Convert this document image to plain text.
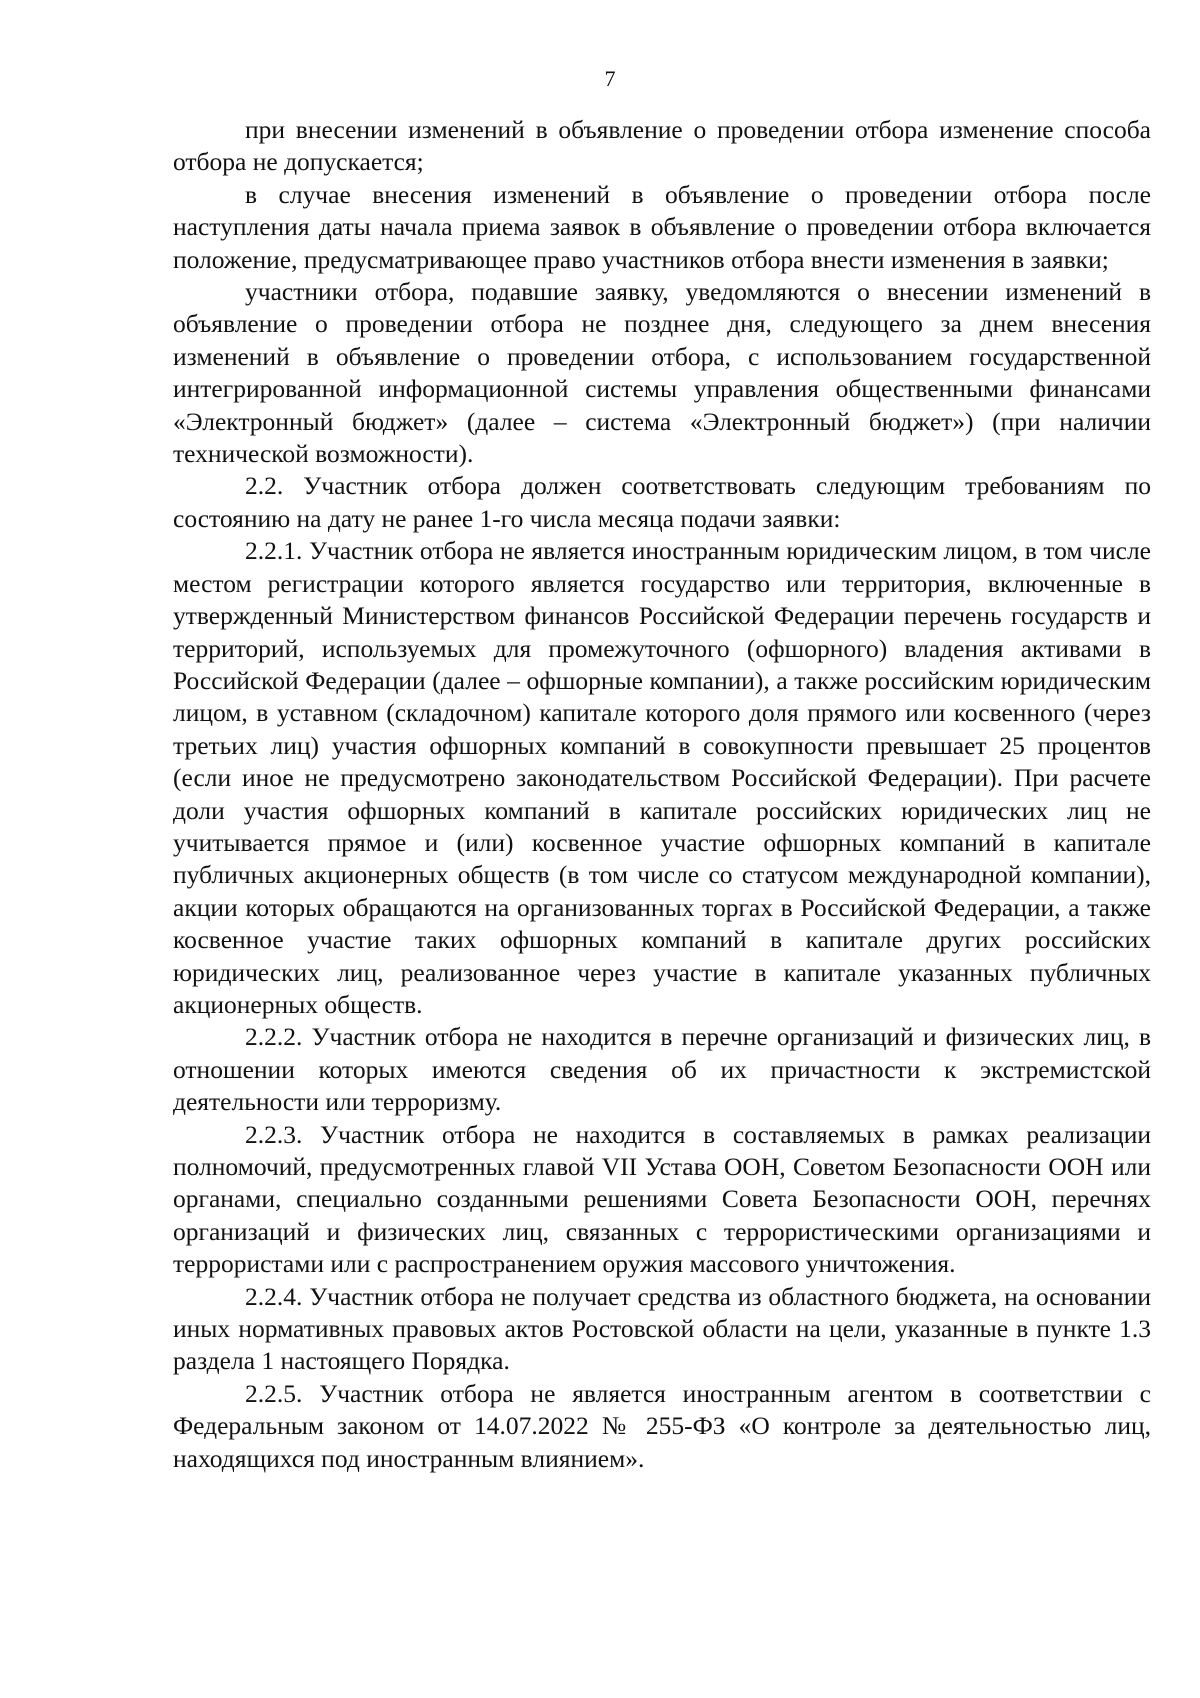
7

при внесении изменений в объявление о проведении отбора изменение способа отбора не допускается;

в случае внесения изменений в объявление о проведении отбора после наступления даты начала приема заявок в объявление о проведении отбора включается положение, предусматривающее право участников отбора внести изменения в заявки;

участники отбора, подавшие заявку, уведомляются о внесении изменений в объявление о проведении отбора не позднее дня, следующего за днем внесения изменений в объявление о проведении отбора, с использованием государственной интегрированной информационной системы управления общественными финансами «Электронный бюджет» (далее – система «Электронный бюджет») (при наличии технической возможности).

2.2. Участник отбора должен соответствовать следующим требованиям по состоянию на дату не ранее 1-го числа месяца подачи заявки:

2.2.1. Участник отбора не является иностранным юридическим лицом, в том числе местом регистрации которого является государство или территория, включенные в утвержденный Министерством финансов Российской Федерации перечень государств и территорий, используемых для промежуточного (офшорного) владения активами в Российской Федерации (далее – офшорные компании), а также российским юридическим лицом, в уставном (складочном) капитале которого доля прямого или косвенного (через третьих лиц) участия офшорных компаний в совокупности превышает 25 процентов (если иное не предусмотрено законодательством Российской Федерации). При расчете доли участия офшорных компаний в капитале российских юридических лиц не учитывается прямое и (или) косвенное участие офшорных компаний в капитале публичных акционерных обществ (в том числе со статусом международной компании), акции которых обращаются на организованных торгах в Российской Федерации, а также косвенное участие таких офшорных компаний в капитале других российских юридических лиц, реализованное через участие в капитале указанных публичных акционерных обществ.

2.2.2. Участник отбора не находится в перечне организаций и физических лиц, в отношении которых имеются сведения об их причастности к экстремистской деятельности или терроризму.

2.2.3. Участник отбора не находится в составляемых в рамках реализации полномочий, предусмотренных главой VII Устава ООН, Советом Безопасности ООН или органами, специально созданными решениями Совета Безопасности ООН, перечнях организаций и физических лиц, связанных с террористическими организациями и террористами или с распространением оружия массового уничтожения.

2.2.4. Участник отбора не получает средства из областного бюджета, на основании иных нормативных правовых актов Ростовской области на цели, указанные в пункте 1.3 раздела 1 настоящего Порядка.

2.2.5. Участник отбора не является иностранным агентом в соответствии с Федеральным законом от 14.07.2022 № 255-ФЗ «О контроле за деятельностью лиц, находящихся под иностранным влиянием».
